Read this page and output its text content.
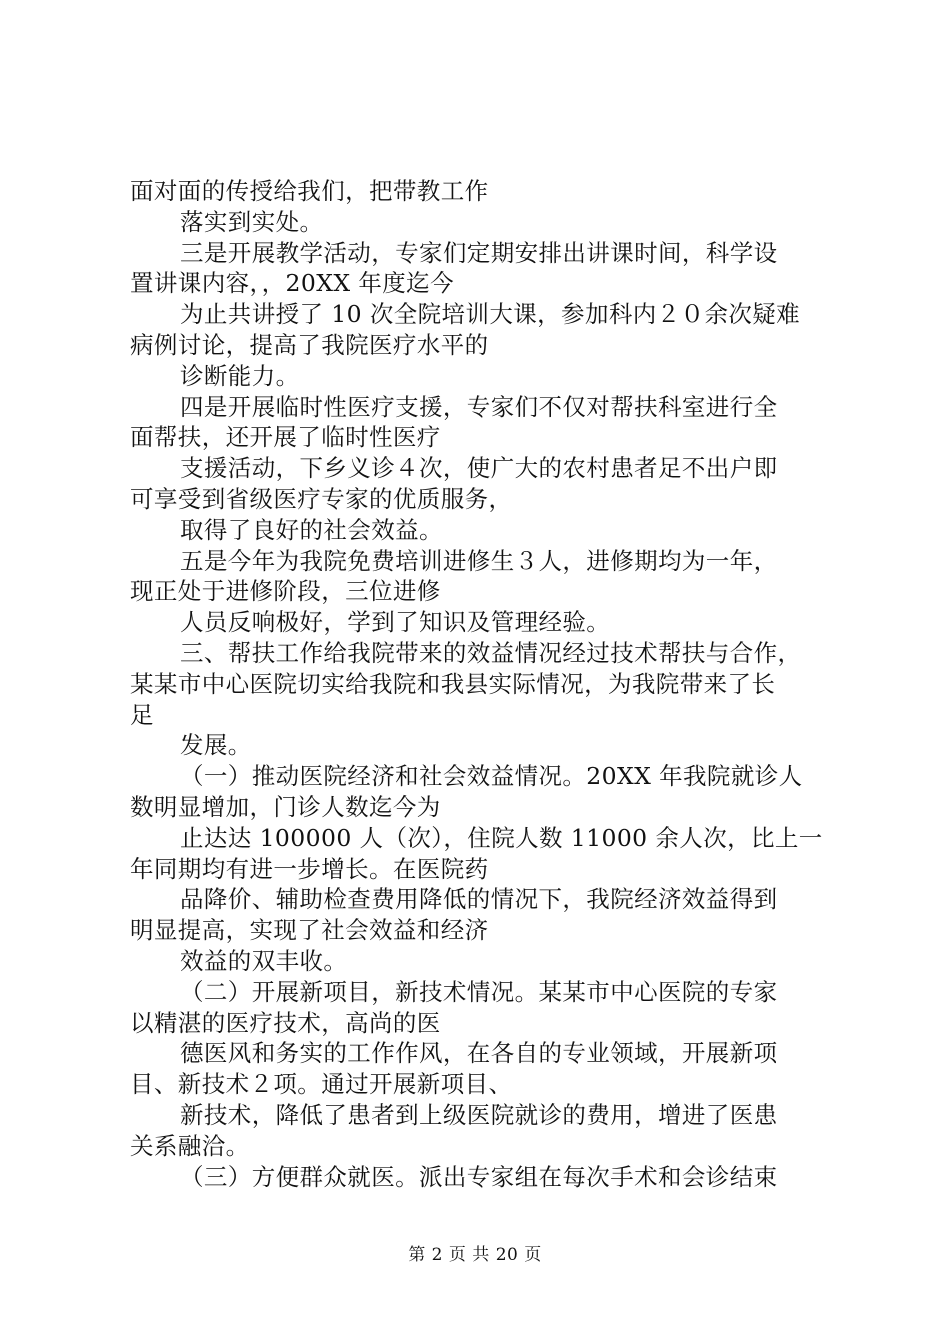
面对面的传授给我们，把带教工作
落实到实处。
三是开展教学活动，专家们定期安排出讲课时间，科学设
置讲课内容，，20XX 年度迄今
为止共讲授了 10 次全院培训大课，参加科内２０余次疑难
病例讨论，提高了我院医疗水平的
诊断能力。
四是开展临时性医疗支援，专家们不仅对帮扶科室进行全
面帮扶，还开展了临时性医疗
支援活动，下乡义诊４次，使广大的农村患者足不出户即
可享受到省级医疗专家的优质服务，
取得了良好的社会效益。
五是今年为我院免费培训进修生３人，进修期均为一年，
现正处于进修阶段，三位进修
人员反响极好，学到了知识及管理经验。
三、帮扶工作给我院带来的效益情况经过技术帮扶与合作，
某某市中心医院切实给我院和我县实际情况，为我院带来了长
足
发展。
（一）推动医院经济和社会效益情况。20XX 年我院就诊人
数明显增加，门诊人数迄今为
止达达 100000 人（次），住院人数 11000 余人次，比上一
年同期均有进一步增长。在医院药
品降价、辅助检查费用降低的情况下，我院经济效益得到
明显提高，实现了社会效益和经济
效益的双丰收。
（二）开展新项目，新技术情况。某某市中心医院的专家
以精湛的医疗技术，高尚的医
德医风和务实的工作作风，在各自的专业领域，开展新项
目、新技术２项。通过开展新项目、
新技术，降低了患者到上级医院就诊的费用，增进了医患
关系融洽。
（三）方便群众就医。派出专家组在每次手术和会诊结束
第 2 页 共 20 页
